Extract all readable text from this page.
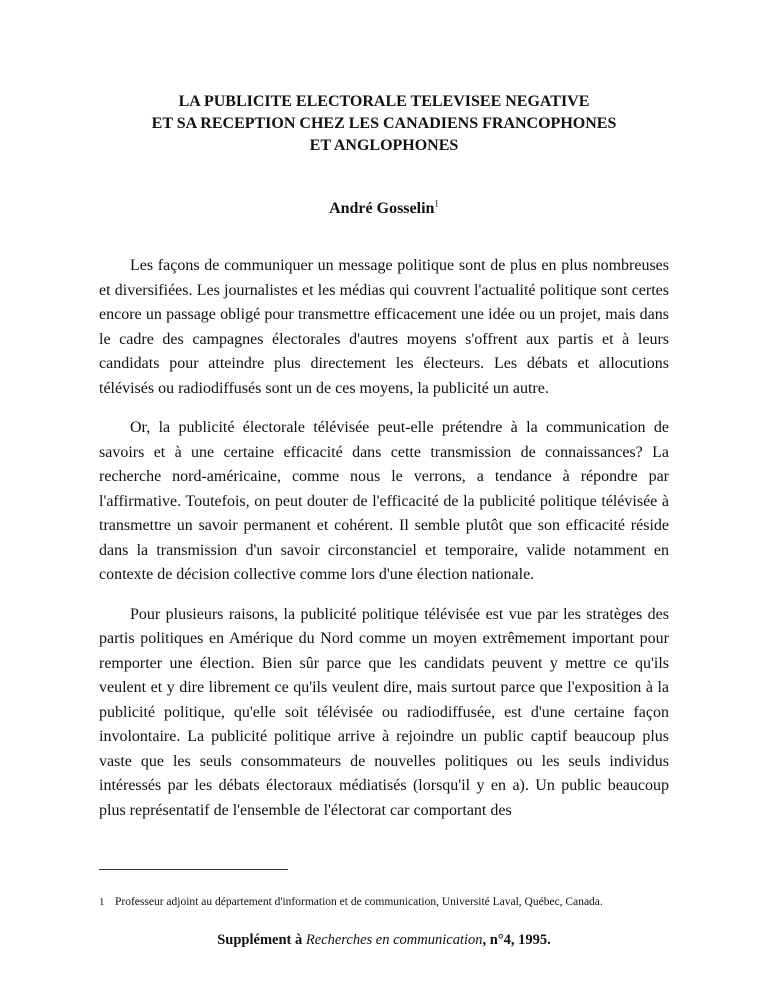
LA PUBLICITE ELECTORALE TELEVISEE NEGATIVE
ET SA RECEPTION CHEZ LES CANADIENS FRANCOPHONES
ET ANGLOPHONES
André Gosselin$^1$

Les façons de communiquer un message politique sont de plus en plus nombreuses et diversifiées. Les journalistes et les médias qui couvrent l'actualité politique sont certes encore un passage obligé pour transmettre efficacement une idée ou un projet, mais dans le cadre des campagnes électorales d'autres moyens s'offrent aux partis et à leurs candidats pour atteindre plus directement les électeurs. Les débats et allocutions télévisés ou radiodiffusés sont un de ces moyens, la publicité un autre.

Or, la publicité électorale télévisée peut-elle prétendre à la communication de savoirs et à une certaine efficacité dans cette transmission de connaissances? La recherche nord-américaine, comme nous le verrons, a tendance à répondre par l'affirmative. Toutefois, on peut douter de l'efficacité de la publicité politique télévisée à transmettre un savoir permanent et cohérent. Il semble plutôt que son efficacité réside dans la transmission d'un savoir circonstanciel et temporaire, valide notamment en contexte de décision collective comme lors d'une élection nationale.

Pour plusieurs raisons, la publicité politique télévisée est vue par les stratèges des partis politiques en Amérique du Nord comme un moyen extrêmement important pour remporter une élection. Bien sûr parce que les candidats peuvent y mettre ce qu'ils veulent et y dire librement ce qu'ils veulent dire, mais surtout parce que l'exposition à la publicité politique, qu'elle soit télévisée ou radiodiffusée, est d'une certaine façon involontaire. La publicité politique arrive à rejoindre un public captif beaucoup plus vaste que les seuls consommateurs de nouvelles politiques ou les seuls individus intéressés par les débats électoraux médiatisés (lorsqu'il y en a). Un public beaucoup plus représentatif de l'ensemble de l'électorat car comportant des

1 Professeur adjoint au département d'information et de communication, Université Laval, Québec, Canada.
Supplément à Recherches en communication, n°4, 1995.
